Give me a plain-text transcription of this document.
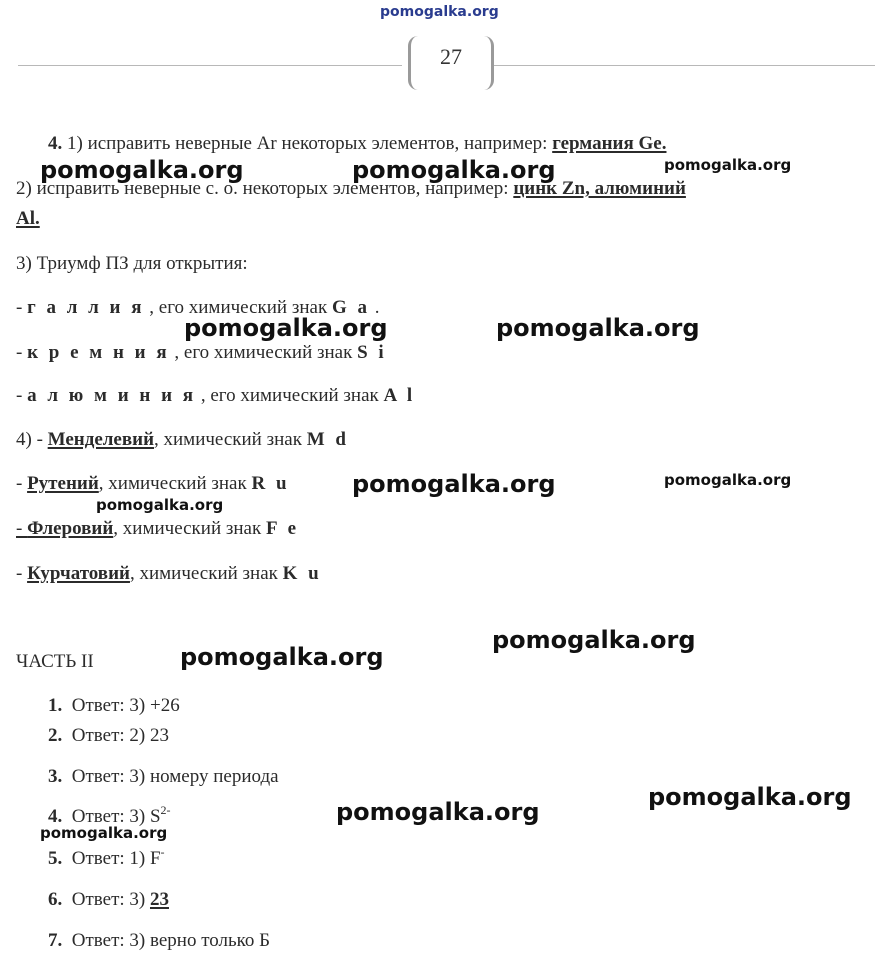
pomogalka.org
27
4. 1) исправить неверные Ar некоторых элементов, например: германия Ge.
2) исправить неверные с. о. некоторых элементов, например: цинк Zn, алюминий
Al.
3) Триумф ПЗ для открытия:
- г а л л и я , его химический знак G a .
- к р е м н и я , его химический знак S i
- а л ю м и н и я , его химический знак A l
4) - Менделевий, химический знак M d
- Рутений, химический знак R u
- Флеровий, химический знак F e
- Курчатовий, химический знак K u
ЧАСТЬ II
1. Ответ: 3) +26
2. Ответ: 2) 23
3. Ответ: 3) номеру периода
4. Ответ: 3) $S^{2-}$
5. Ответ: 1) F-
6. Ответ: 3) 23
7. Ответ: 3) верно только Б
pomogalka.org	pomogalka.org	pomogalka.org
pomogalka.org	pomogalka.org
pomogalka.org	pomogalka.org
pomogalka.org
pomogalka.org
pomogalka.org
pomogalka.org
pomogalka.org
pomogalka.org
